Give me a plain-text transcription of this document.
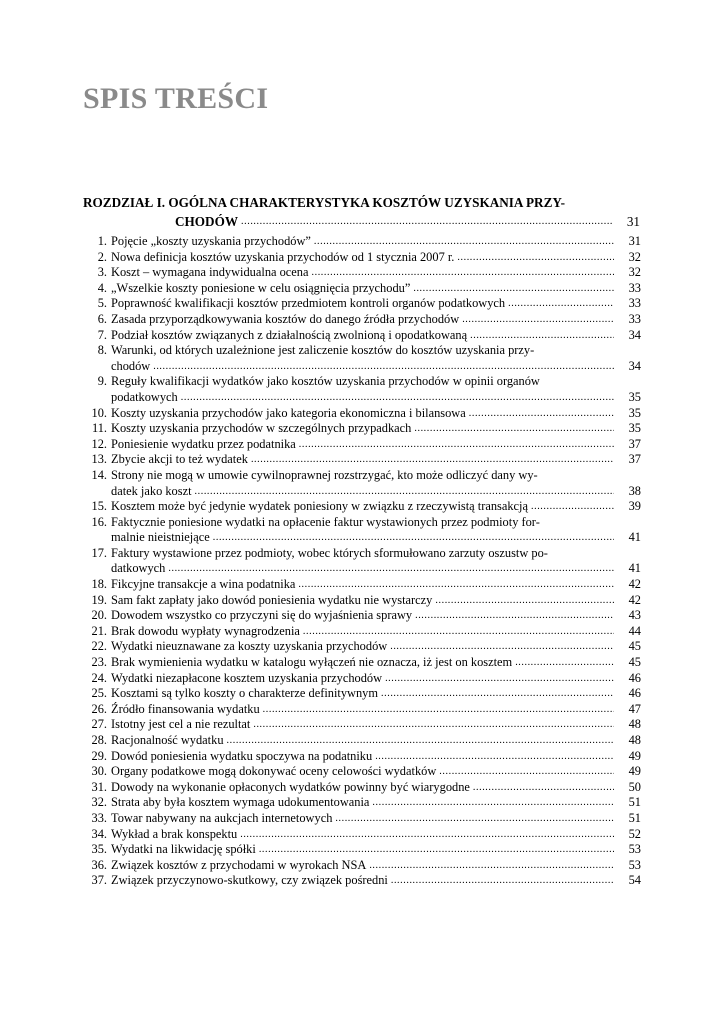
SPIS TREŚCI
ROZDZIAŁ I. OGÓLNA CHARAKTERYSTYKA KOSZTÓW UZYSKANIA PRZY-
CHODÓW .....	31
1. Pojęcie „koszty uzyskania przychodów” .....	31
2. Nowa definicja kosztów uzyskania przychodów od 1 stycznia 2007 r. .....	32
3. Koszt – wymagana indywidualna ocena .....	32
4. „Wszelkie koszty poniesione w celu osiągnięcia przychodu” .....	33
5. Poprawność kwalifikacji kosztów przedmiotem kontroli organów podatkowych .....	33
6. Zasada przyporządkowywania kosztów do danego źródła przychodów .....	33
7. Podział kosztów związanych z działalnością zwolnioną i opodatkowaną .....	34
8. Warunki, od których uzależnione jest zaliczenie kosztów do kosztów uzyskania przy-
chodów .....	34
9. Reguły kwalifikacji wydatków jako kosztów uzyskania przychodów w opinii organów
podatkowych .....	35
10. Koszty uzyskania przychodów jako kategoria ekonomiczna i bilansowa .....	35
11. Koszty uzyskania przychodów w szczególnych przypadkach .....	35
12. Poniesienie wydatku przez podatnika .....	37
13. Zbycie akcji to też wydatek .....	37
14. Strony nie mogą w umowie cywilnoprawnej rozstrzygać, kto może odliczyć dany wy-
datek jako koszt .....	38
15. Kosztem może być jedynie wydatek poniesiony w związku z rzeczywistą transakcją .....	39
16. Faktycznie poniesione wydatki na opłacenie faktur wystawionych przez podmioty for-
malnie nieistniejące .....	41
17. Faktury wystawione przez podmioty, wobec których sformułowano zarzuty oszustw po-
datkowych .....	41
18. Fikcyjne transakcje a wina podatnika .....	42
19. Sam fakt zapłaty jako dowód poniesienia wydatku nie wystarczy .....	42
20. Dowodem wszystko co przyczyni się do wyjaśnienia sprawy .....	43
21. Brak dowodu wypłaty wynagrodzenia .....	44
22. Wydatki nieuznawane za koszty uzyskania przychodów .....	45
23. Brak wymienienia wydatku w katalogu wyłączeń nie oznacza, iż jest on kosztem .....	45
24. Wydatki niezapłacone kosztem uzyskania przychodów .....	46
25. Kosztami są tylko koszty o charakterze definitywnym .....	46
26. Źródło finansowania wydatku .....	47
27. Istotny jest cel a nie rezultat .....	48
28. Racjonalność wydatku .....	48
29. Dowód poniesienia wydatku spoczywa na podatniku .....	49
30. Organy podatkowe mogą dokonywać oceny celowości wydatków .....	49
31. Dowody na wykonanie opłaconych wydatków powinny być wiarygodne .....	50
32. Strata aby była kosztem wymaga udokumentowania .....	51
33. Towar nabywany na aukcjach internetowych .....	51
34. Wykład a brak konspektu .....	52
35. Wydatki na likwidację spółki .....	53
36. Związek kosztów z przychodami w wyrokach NSA .....	53
37. Związek przyczynowo-skutkowy, czy związek pośredni .....	54
